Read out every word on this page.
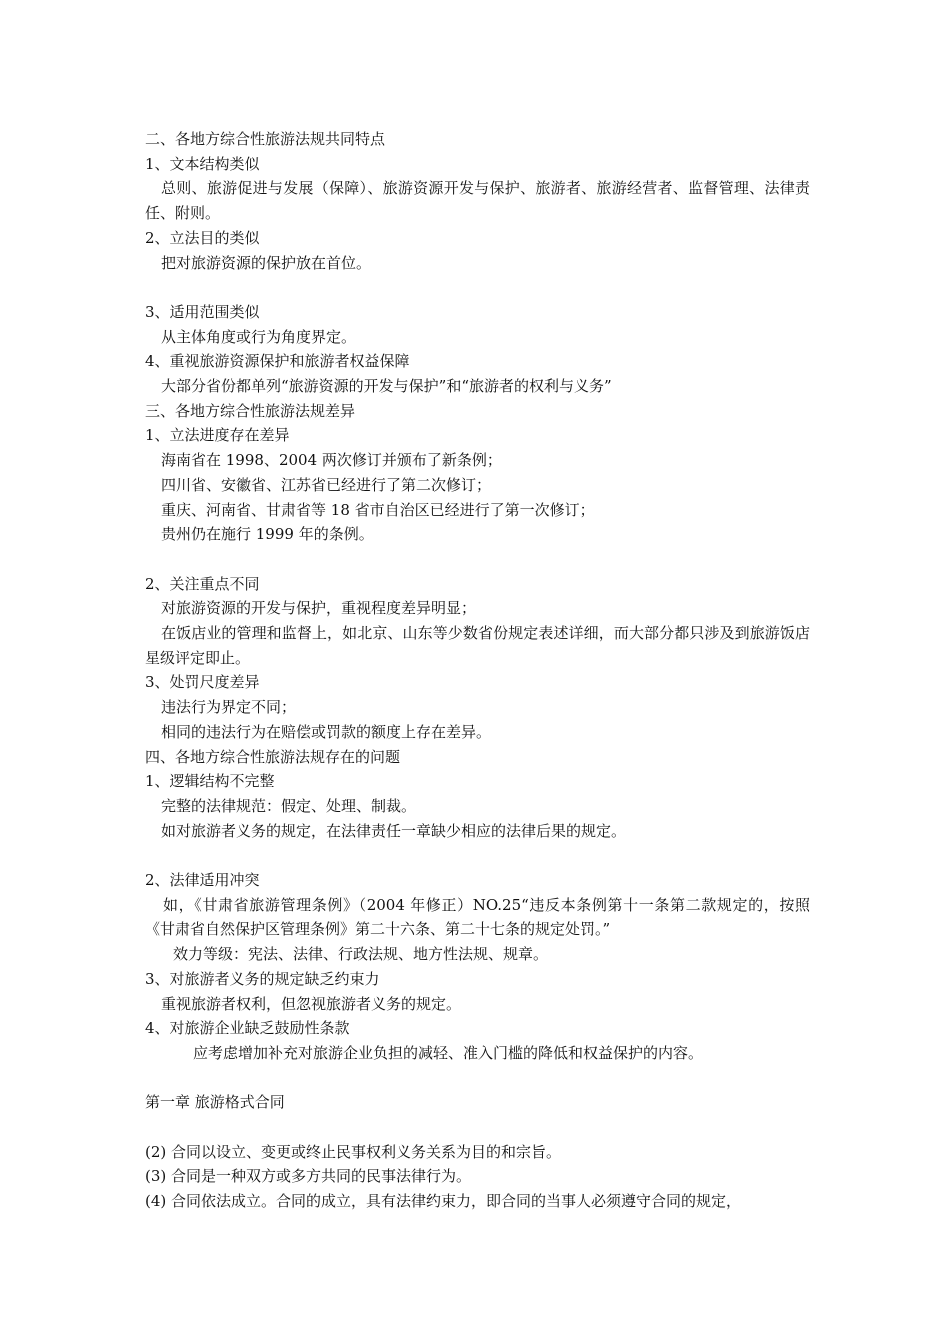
二、各地方综合性旅游法规共同特点

1、文本结构类似

总则、旅游促进与发展（保障）、旅游资源开发与保护、旅游者、旅游经营者、监督管理、法律责任、附则。

2、立法目的类似

把对旅游资源的保护放在首位。

3、适用范围类似

从主体角度或行为角度界定。

4、重视旅游资源保护和旅游者权益保障

大部分省份都单列“旅游资源的开发与保护”和“旅游者的权利与义务”

三、各地方综合性旅游法规差异

1、立法进度存在差异

海南省在 1998、2004 两次修订并颁布了新条例；

四川省、安徽省、江苏省已经进行了第二次修订；

重庆、河南省、甘肃省等 18 省市自治区已经进行了第一次修订；

贵州仍在施行 1999 年的条例。

2、关注重点不同

对旅游资源的开发与保护，重视程度差异明显；

在饭店业的管理和监督上，如北京、山东等少数省份规定表述详细，而大部分都只涉及到旅游饭店星级评定即止。

3、处罚尺度差异

违法行为界定不同；

相同的违法行为在赔偿或罚款的额度上存在差异。

四、各地方综合性旅游法规存在的问题

1、逻辑结构不完整

完整的法律规范：假定、处理、制裁。

如对旅游者义务的规定，在法律责任一章缺少相应的法律后果的规定。

2、法律适用冲突

如，《甘肃省旅游管理条例》（2004 年修正）NO.25“违反本条例第十一条第二款规定的，按照《甘肃省自然保护区管理条例》第二十六条、第二十七条的规定处罚。”

效力等级：宪法、法律、行政法规、地方性法规、规章。

3、对旅游者义务的规定缺乏约束力

重视旅游者权利，但忽视旅游者义务的规定。

4、对旅游企业缺乏鼓励性条款

应考虑增加补充对旅游企业负担的减轻、准入门槛的降低和权益保护的内容。

第一章 旅游格式合同

(2) 合同以设立、变更或终止民事权利义务关系为目的和宗旨。

(3) 合同是一种双方或多方共同的民事法律行为。

(4) 合同依法成立。合同的成立，具有法律约束力，即合同的当事人必须遵守合同的规定，
